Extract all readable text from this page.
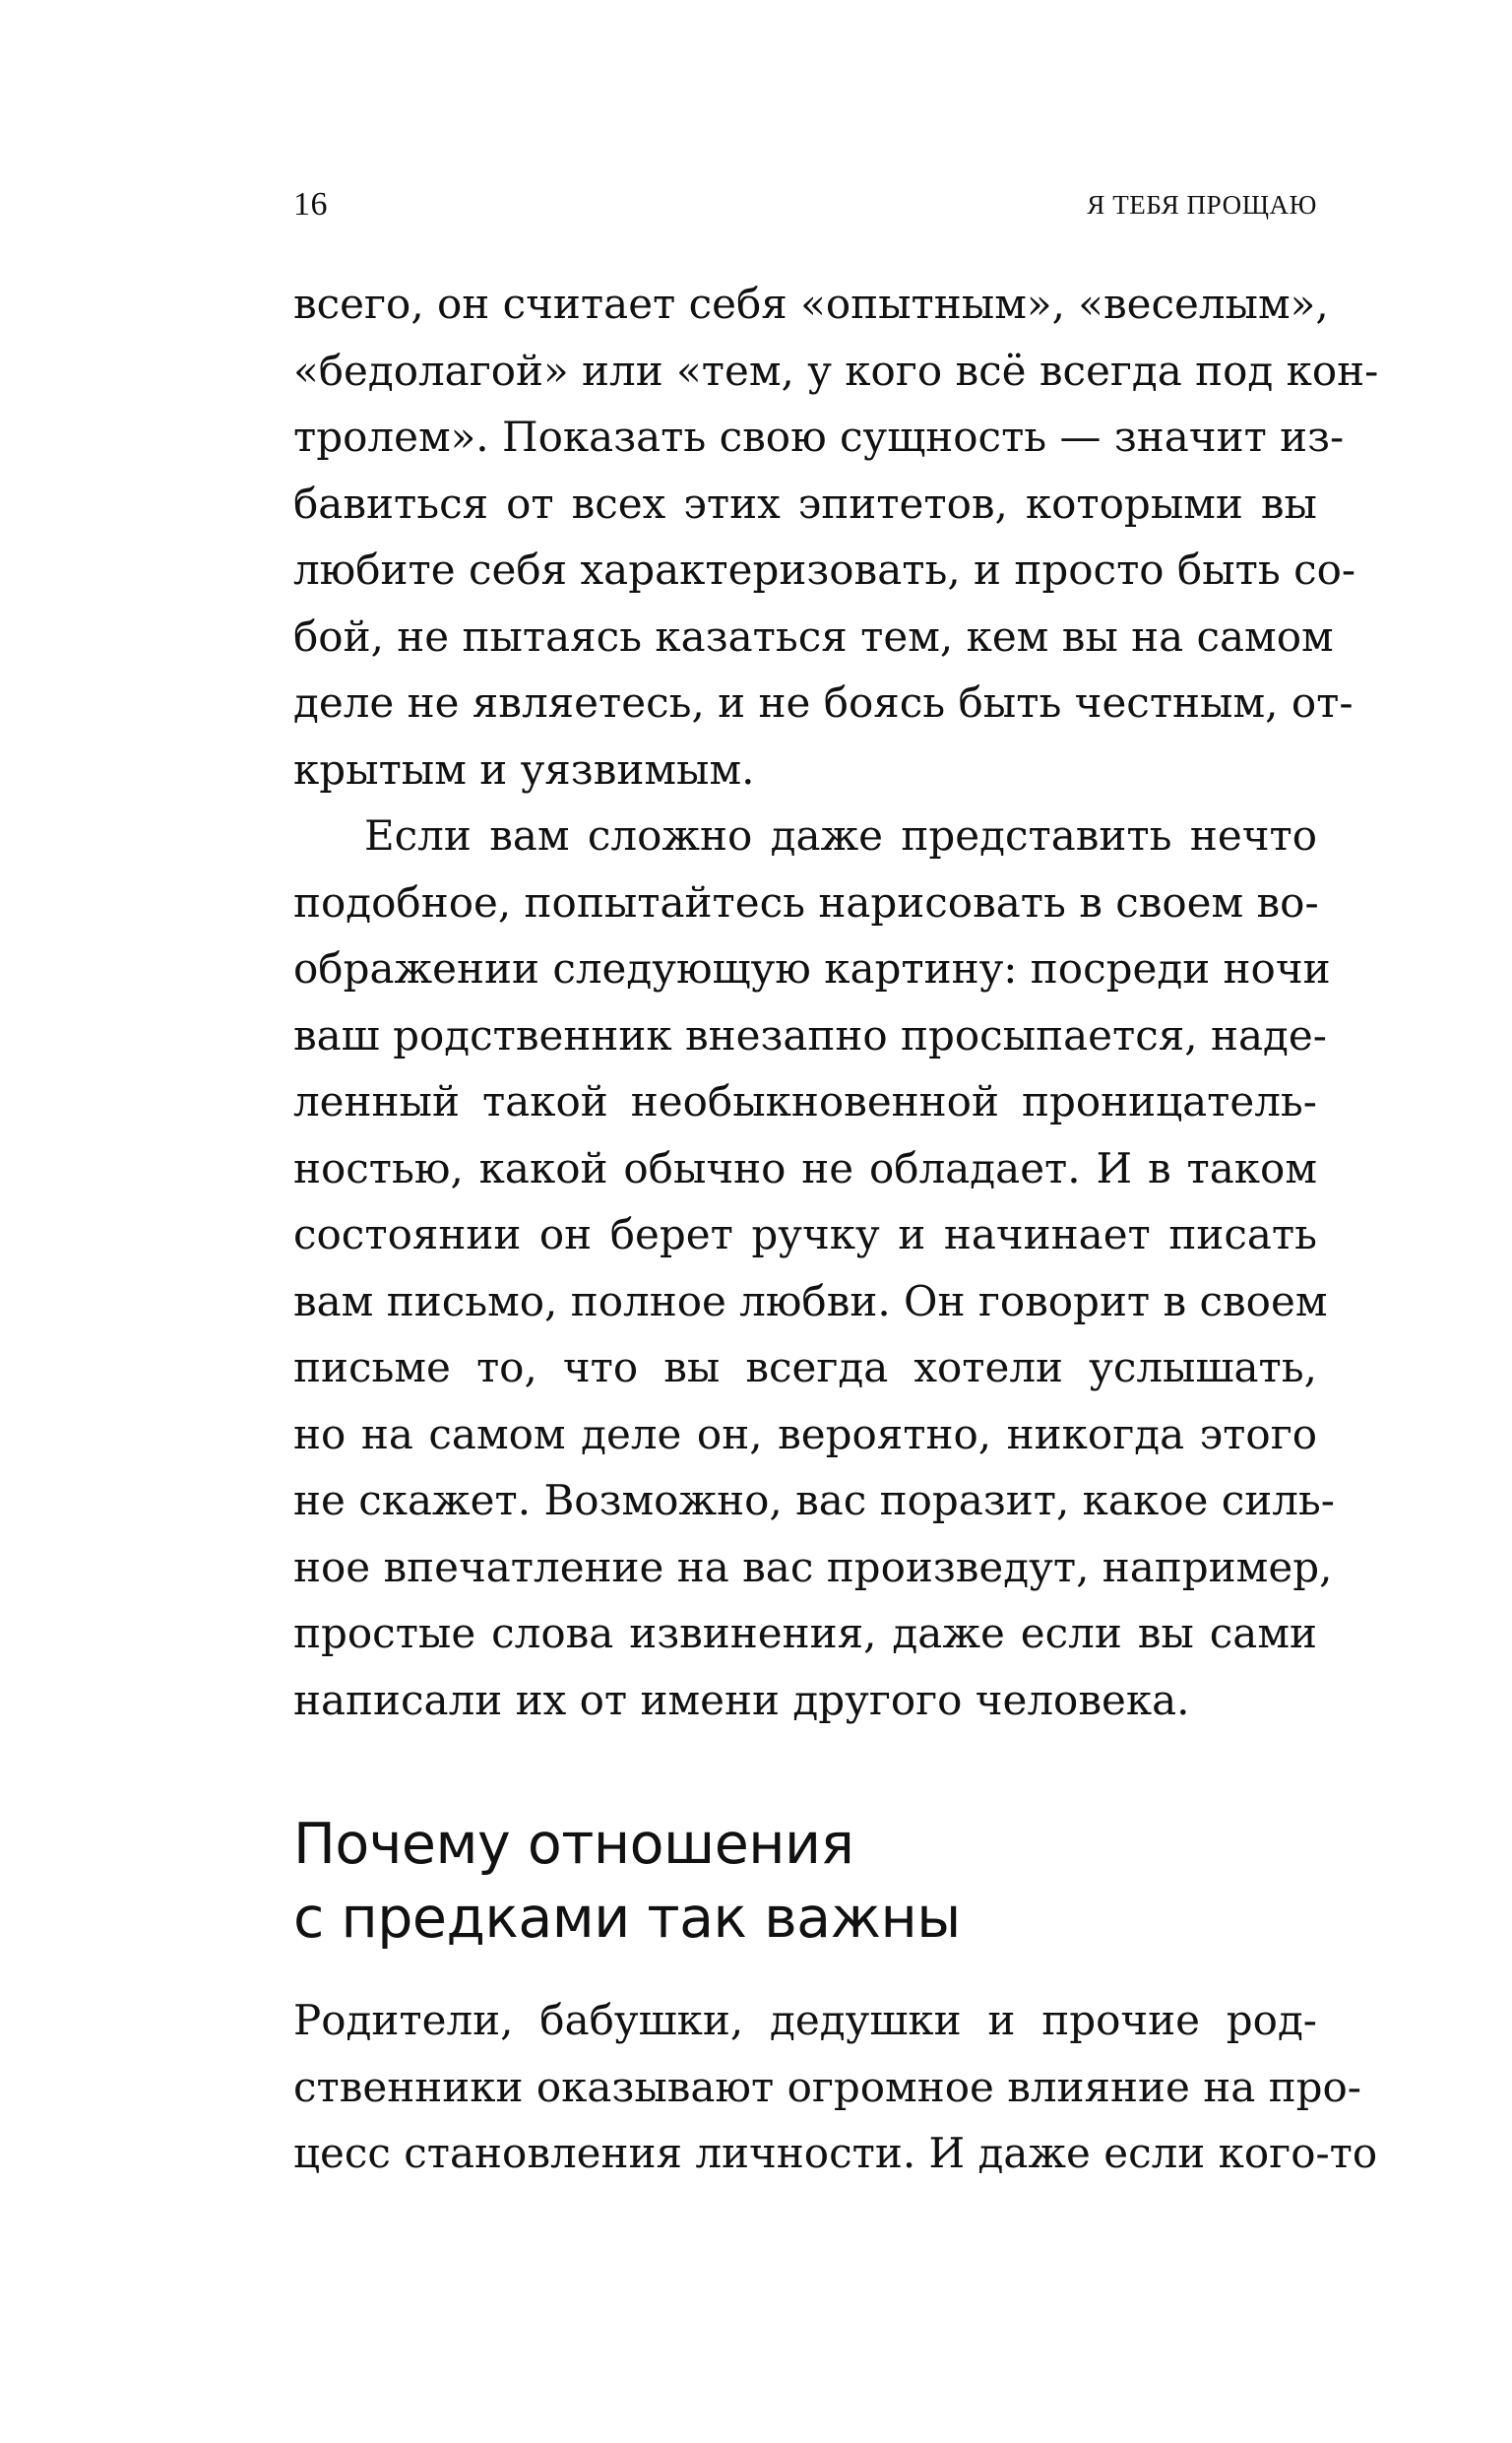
16	Я ТЕБЯ ПРОЩАЮ
всего, он считает себя «опытным», «веселым»,
«бедолагой» или «тем, у кого всё всегда под кон-
тролем». Показать свою сущность — значит из-
бавиться от всех этих эпитетов, которыми вы
любите себя характеризовать, и просто быть со-
бой, не пытаясь казаться тем, кем вы на самом
деле не являетесь, и не боясь быть честным, от-
крытым и уязвимым.
Если вам сложно даже представить нечто
подобное, попытайтесь нарисовать в своем во-
ображении следующую картину: посреди ночи
ваш родственник внезапно просыпается, наде-
ленный такой необыкновенной проницатель-
ностью, какой обычно не обладает. И в таком
состоянии он берет ручку и начинает писать
вам письмо, полное любви. Он говорит в своем
письме то, что вы всегда хотели услышать,
но на самом деле он, вероятно, никогда этого
не скажет. Возможно, вас поразит, какое силь-
ное впечатление на вас произведут, например,
простые слова извинения, даже если вы сами
написали их от имени другого человека.
Почему отношения
с предками так важны
Родители, бабушки, дедушки и прочие род-
ственники оказывают огромное влияние на про-
цесс становления личности. И даже если кого-то
